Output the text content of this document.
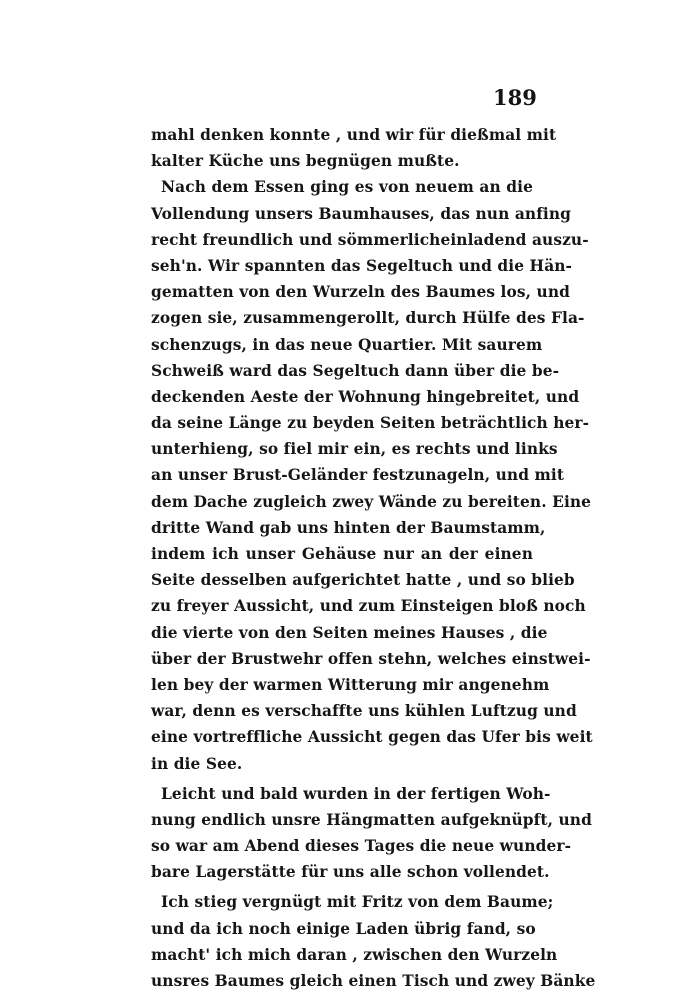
189
mahl denken konnte , und wir für dießmal mit
kalter Küche uns begnügen mußte.
Nach dem Essen ging es von neuem an die
Vollendung unsers Baumhauses, das nun anfing
recht freundlich und sömmerlicheinladend auszu-
seh'n. Wir spannten das Segeltuch und die Hän-
gematten von den Wurzeln des Baumes los, und
zogen sie, zusammengerollt, durch Hülfe des Fla-
schenzugs, in das neue Quartier. Mit saurem
Schweiß ward das Segeltuch dann über die be-
deckenden Aeste der Wohnung hingebreitet, und
da seine Länge zu beyden Seiten beträchtlich her-
unterhieng, so fiel mir ein, es rechts und links
an unser Brust-Geländer festzunageln, und mit
dem Dache zugleich zwey Wände zu bereiten. Eine
dritte Wand gab uns hinten der Baumstamm,
indem ich unser Gehäuse nur an der einen
Seite desselben aufgerichtet hatte , und so blieb
zu freyer Aussicht, und zum Einsteigen bloß noch
die vierte von den Seiten meines Hauses , die
über der Brustwehr offen stehn, welches einstwei-
len bey der warmen Witterung mir angenehm
war, denn es verschaffte uns kühlen Luftzug und
eine vortreffliche Aussicht gegen das Ufer bis weit
in die See.
Leicht und bald wurden in der fertigen Woh-
nung endlich unsre Hängmatten aufgeknüpft, und
so war am Abend dieses Tages die neue wunder-
bare Lagerstätte für uns alle schon vollendet.
Ich stieg vergnügt mit Fritz von dem Baume;
und da ich noch einige Laden übrig fand, so
macht' ich mich daran , zwischen den Wurzeln
unsres Baumes gleich einen Tisch und zwey Bänke
